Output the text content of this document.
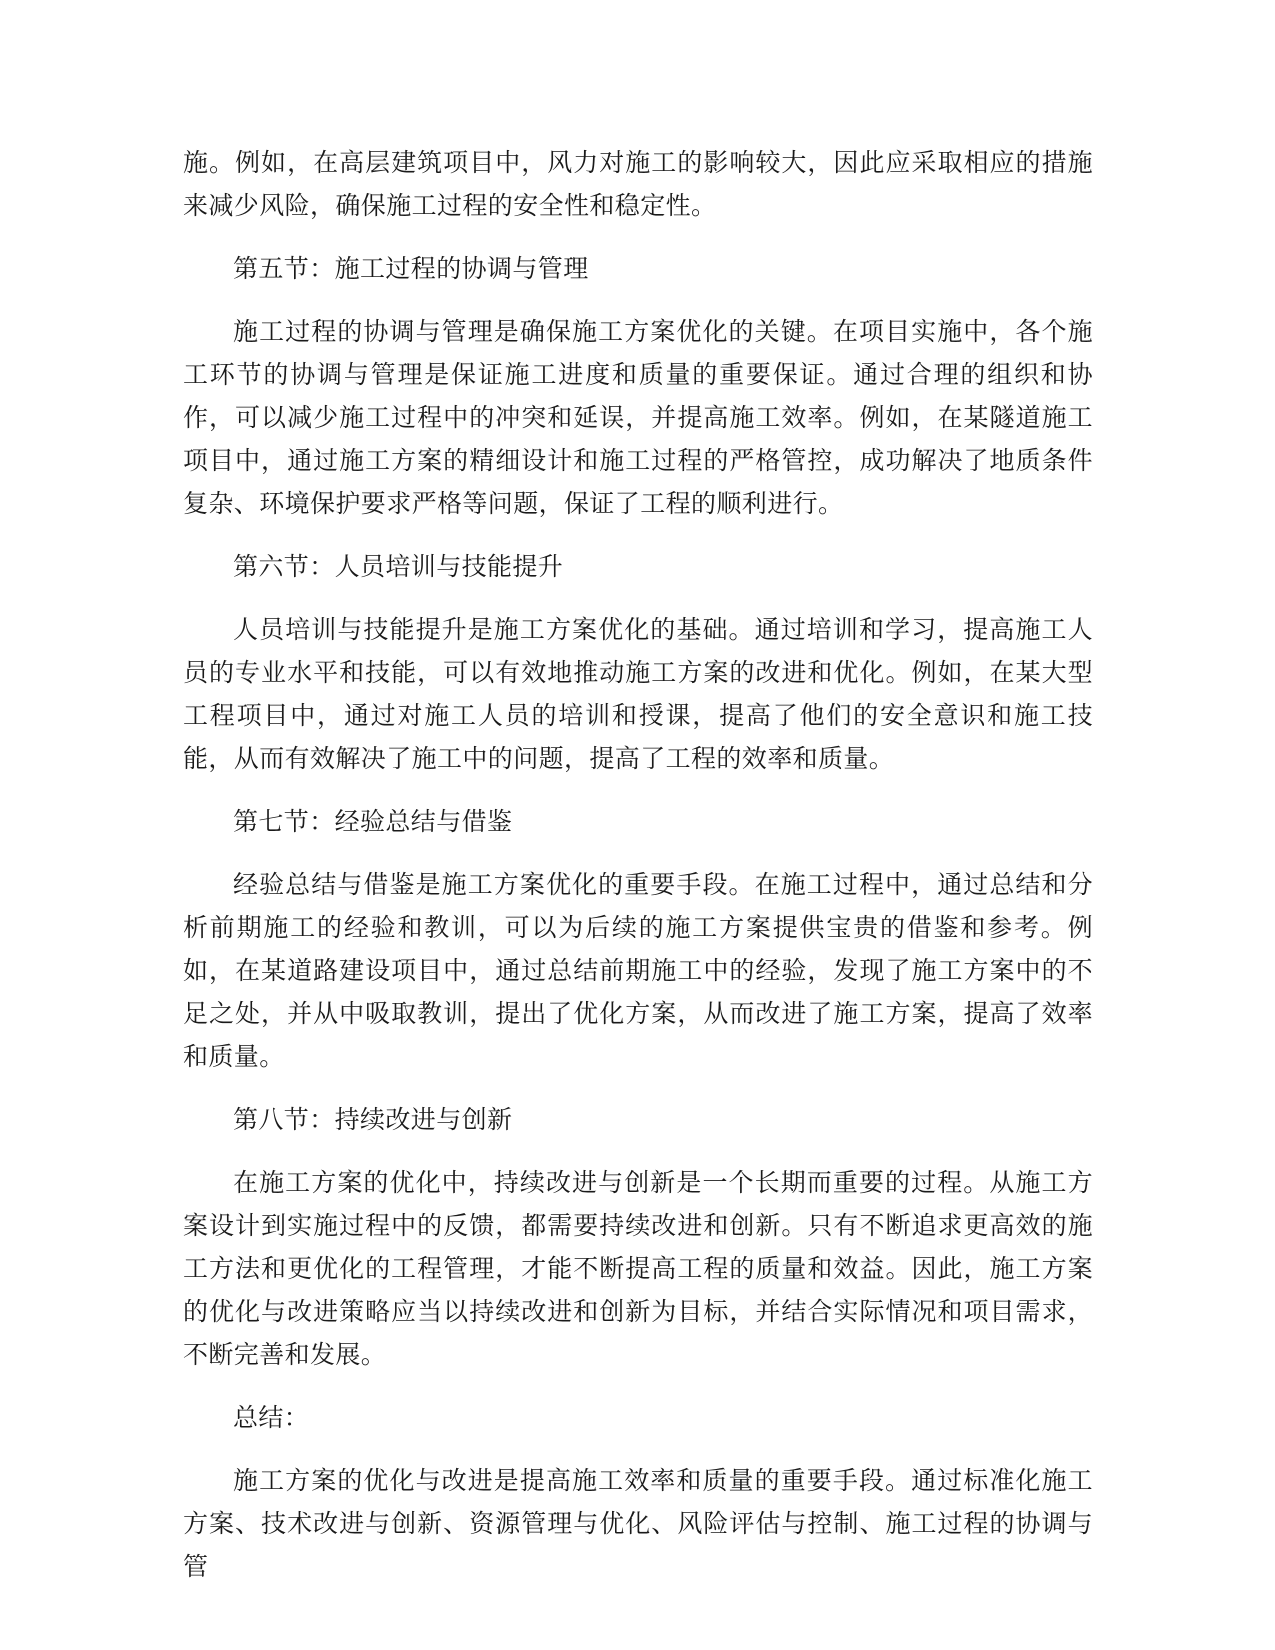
施。例如，在高层建筑项目中，风力对施工的影响较大，因此应采取相应的措施来减少风险，确保施工过程的安全性和稳定性。

第五节：施工过程的协调与管理

施工过程的协调与管理是确保施工方案优化的关键。在项目实施中，各个施工环节的协调与管理是保证施工进度和质量的重要保证。通过合理的组织和协作，可以减少施工过程中的冲突和延误，并提高施工效率。例如，在某隧道施工项目中，通过施工方案的精细设计和施工过程的严格管控，成功解决了地质条件复杂、环境保护要求严格等问题，保证了工程的顺利进行。

第六节：人员培训与技能提升

人员培训与技能提升是施工方案优化的基础。通过培训和学习，提高施工人员的专业水平和技能，可以有效地推动施工方案的改进和优化。例如，在某大型工程项目中，通过对施工人员的培训和授课，提高了他们的安全意识和施工技能，从而有效解决了施工中的问题，提高了工程的效率和质量。

第七节：经验总结与借鉴

经验总结与借鉴是施工方案优化的重要手段。在施工过程中，通过总结和分析前期施工的经验和教训，可以为后续的施工方案提供宝贵的借鉴和参考。例如，在某道路建设项目中，通过总结前期施工中的经验，发现了施工方案中的不足之处，并从中吸取教训，提出了优化方案，从而改进了施工方案，提高了效率和质量。

第八节：持续改进与创新

在施工方案的优化中，持续改进与创新是一个长期而重要的过程。从施工方案设计到实施过程中的反馈，都需要持续改进和创新。只有不断追求更高效的施工方法和更优化的工程管理，才能不断提高工程的质量和效益。因此，施工方案的优化与改进策略应当以持续改进和创新为目标，并结合实际情况和项目需求，不断完善和发展。

总结：

施工方案的优化与改进是提高施工效率和质量的重要手段。通过标准化施工方案、技术改进与创新、资源管理与优化、风险评估与控制、施工过程的协调与管
